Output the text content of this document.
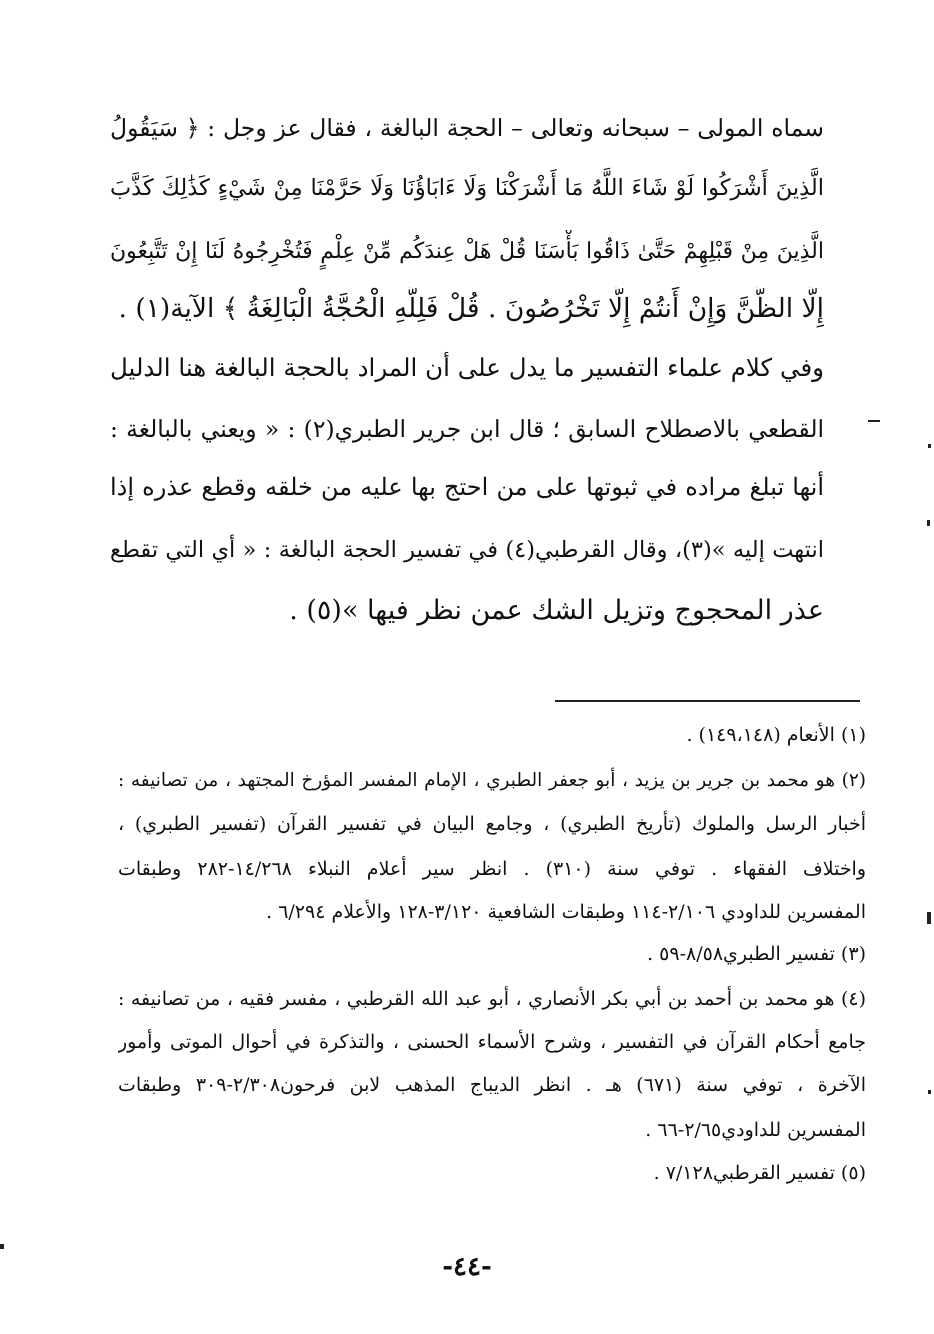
سماه المولى – سبحانه وتعالى – الحجة البالغة ، فقال عز وجل : ﴿ سَيَقُولُ
الَّذِينَ أَشْرَكُوا لَوْ شَاءَ اللَّهُ مَا أَشْرَكْنَا وَلَا ءَابَاؤُنَا وَلَا حَرَّمْنَا مِنْ شَيْءٍ كَذَٰلِكَ كَذَّبَ
الَّذِينَ مِنْ قَبْلِهِمْ حَتَّىٰ ذَاقُوا بَأْسَنَا قُلْ هَلْ عِندَكُم مِّنْ عِلْمٍ فَتُخْرِجُوهُ لَنَا إِنْ تَتَّبِعُونَ
إِلَّا الظَّنَّ وَإِنْ أَنتُمْ إِلَّا تَخْرُصُونَ . قُلْ فَلِلَّهِ الْحُجَّةُ الْبَالِغَةُ ﴾ الآية(١) .
وفي كلام علماء التفسير ما يدل على أن المراد بالحجة البالغة هنا الدليل
القطعي بالاصطلاح السابق ؛ قال ابن جرير الطبري(٢) : « ويعني بالبالغة :
أنها تبلغ مراده في ثبوتها على من احتج بها عليه من خلقه وقطع عذره إذا
انتهت إليه »(٣)، وقال القرطبي(٤) في تفسير الحجة البالغة : « أي التي تقطع
عذر المحجوج وتزيل الشك عمن نظر فيها »(٥) .
(١) الأنعام (١٤٩،١٤٨) .
(٢) هو محمد بن جرير بن يزيد ، أبو جعفر الطبري ، الإمام المفسر المؤرخ المجتهد ، من تصانيفه :
أخبار الرسل والملوك (تأريخ الطبري) ، وجامع البيان في تفسير القرآن (تفسير الطبري) ،
واختلاف الفقهاء . توفي سنة (٣١٠) . انظر سير أعلام النبلاء ١٤/٢٦٨-٢٨٢ وطبقات
المفسرين للداودي ٢/١٠٦-١١٤ وطبقات الشافعية ٣/١٢٠-١٢٨ والأعلام ٦/٢٩٤ .
(٣) تفسير الطبري٨/٥٨-٥٩ .
(٤) هو محمد بن أحمد بن أبي بكر الأنصاري ، أبو عبد الله القرطبي ، مفسر فقيه ، من تصانيفه :
جامع أحكام القرآن في التفسير ، وشرح الأسماء الحسنى ، والتذكرة في أحوال الموتى وأمور
الآخرة ، توفي سنة (٦٧١) هـ . انظر الديباج المذهب لابن فرحون٢/٣٠٨-٣٠٩ وطبقات
المفسرين للداودي٢/٦٥-٦٦ .
(٥) تفسير القرطبي٧/١٢٨ .
-٤٤-
